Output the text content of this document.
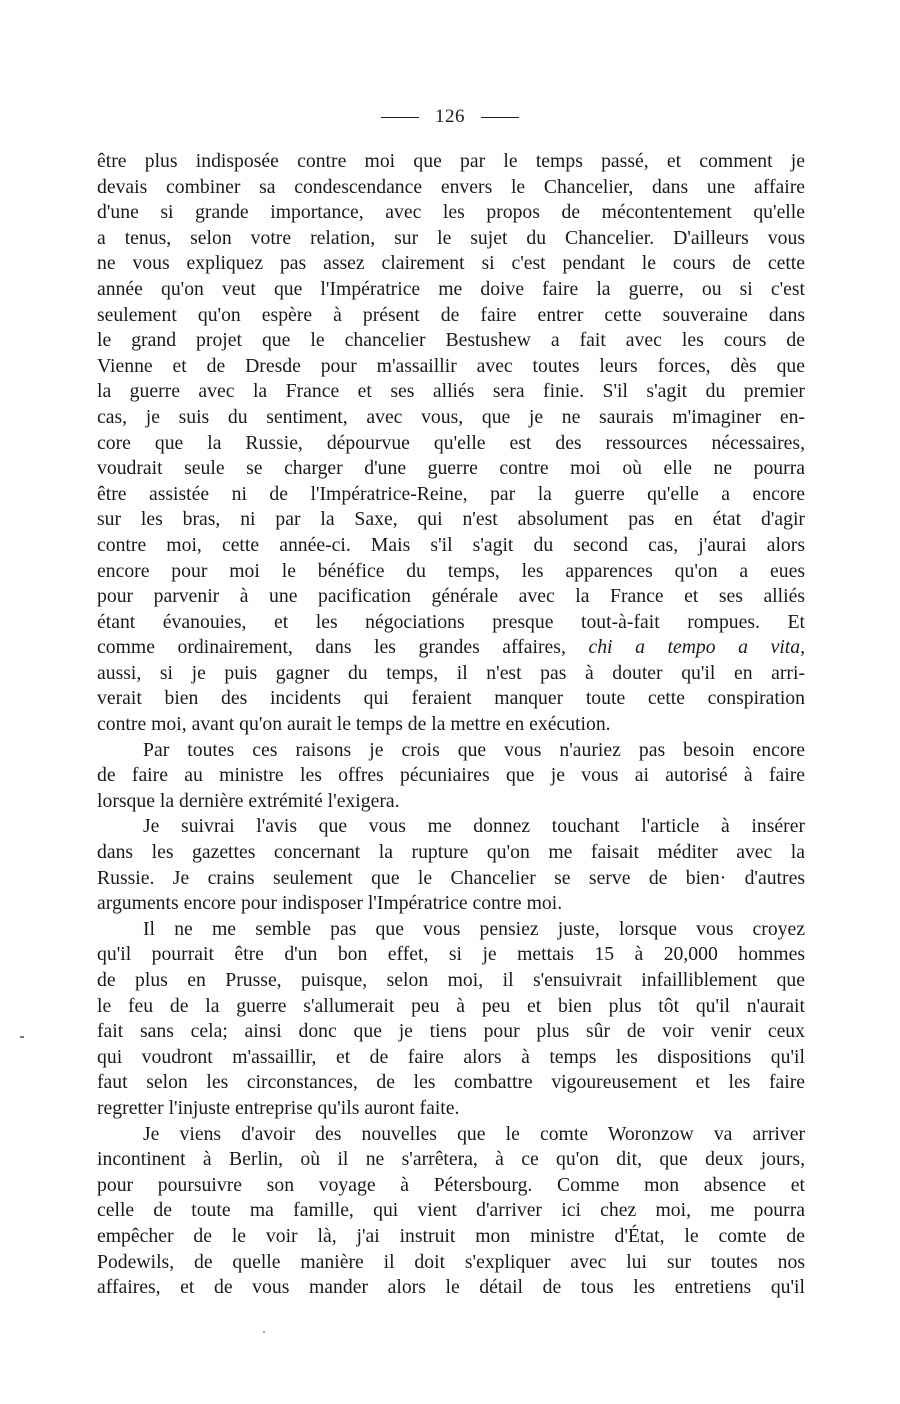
126
être plus indisposée contre moi que par le temps passé, et comment je
devais combiner sa condescendance envers le Chancelier, dans une affaire
d'une si grande importance, avec les propos de mécontentement qu'elle
a tenus, selon votre relation, sur le sujet du Chancelier. D'ailleurs vous
ne vous expliquez pas assez clairement si c'est pendant le cours de cette
année qu'on veut que l'Impératrice me doive faire la guerre, ou si c'est
seulement qu'on espère à présent de faire entrer cette souveraine dans
le grand projet que le chancelier Bestushew a fait avec les cours de
Vienne et de Dresde pour m'assaillir avec toutes leurs forces, dès que
la guerre avec la France et ses alliés sera finie. S'il s'agit du premier
cas, je suis du sentiment, avec vous, que je ne saurais m'imaginer en-
core que la Russie, dépourvue qu'elle est des ressources nécessaires,
voudrait seule se charger d'une guerre contre moi où elle ne pourra
être assistée ni de l'Impératrice-Reine, par la guerre qu'elle a encore
sur les bras, ni par la Saxe, qui n'est absolument pas en état d'agir
contre moi, cette année-ci. Mais s'il s'agit du second cas, j'aurai alors
encore pour moi le bénéfice du temps, les apparences qu'on a eues
pour parvenir à une pacification générale avec la France et ses alliés
étant évanouies, et les négociations presque tout-à-fait rompues. Et
comme ordinairement, dans les grandes affaires, chi a tempo a vita,
aussi, si je puis gagner du temps, il n'est pas à douter qu'il en arri-
verait bien des incidents qui feraient manquer toute cette conspiration
contre moi, avant qu'on aurait le temps de la mettre en exécution.
Par toutes ces raisons je crois que vous n'auriez pas besoin encore
de faire au ministre les offres pécuniaires que je vous ai autorisé à faire
lorsque la dernière extrémité l'exigera.
Je suivrai l'avis que vous me donnez touchant l'article à insérer
dans les gazettes concernant la rupture qu'on me faisait méditer avec la
Russie. Je crains seulement que le Chancelier se serve de bien· d'autres
arguments encore pour indisposer l'Impératrice contre moi.
Il ne me semble pas que vous pensiez juste, lorsque vous croyez
qu'il pourrait être d'un bon effet, si je mettais 15 à 20,000 hommes
de plus en Prusse, puisque, selon moi, il s'ensuivrait infailliblement que
le feu de la guerre s'allumerait peu à peu et bien plus tôt qu'il n'aurait
fait sans cela; ainsi donc que je tiens pour plus sûr de voir venir ceux
qui voudront m'assaillir, et de faire alors à temps les dispositions qu'il
faut selon les circonstances, de les combattre vigoureusement et les faire
regretter l'injuste entreprise qu'ils auront faite.
Je viens d'avoir des nouvelles que le comte Woronzow va arriver
incontinent à Berlin, où il ne s'arrêtera, à ce qu'on dit, que deux jours,
pour poursuivre son voyage à Pétersbourg. Comme mon absence et
celle de toute ma famille, qui vient d'arriver ici chez moi, me pourra
empêcher de le voir là, j'ai instruit mon ministre d'État, le comte de
Podewils, de quelle manière il doit s'expliquer avec lui sur toutes nos
affaires, et de vous mander alors le détail de tous les entretiens qu'il
